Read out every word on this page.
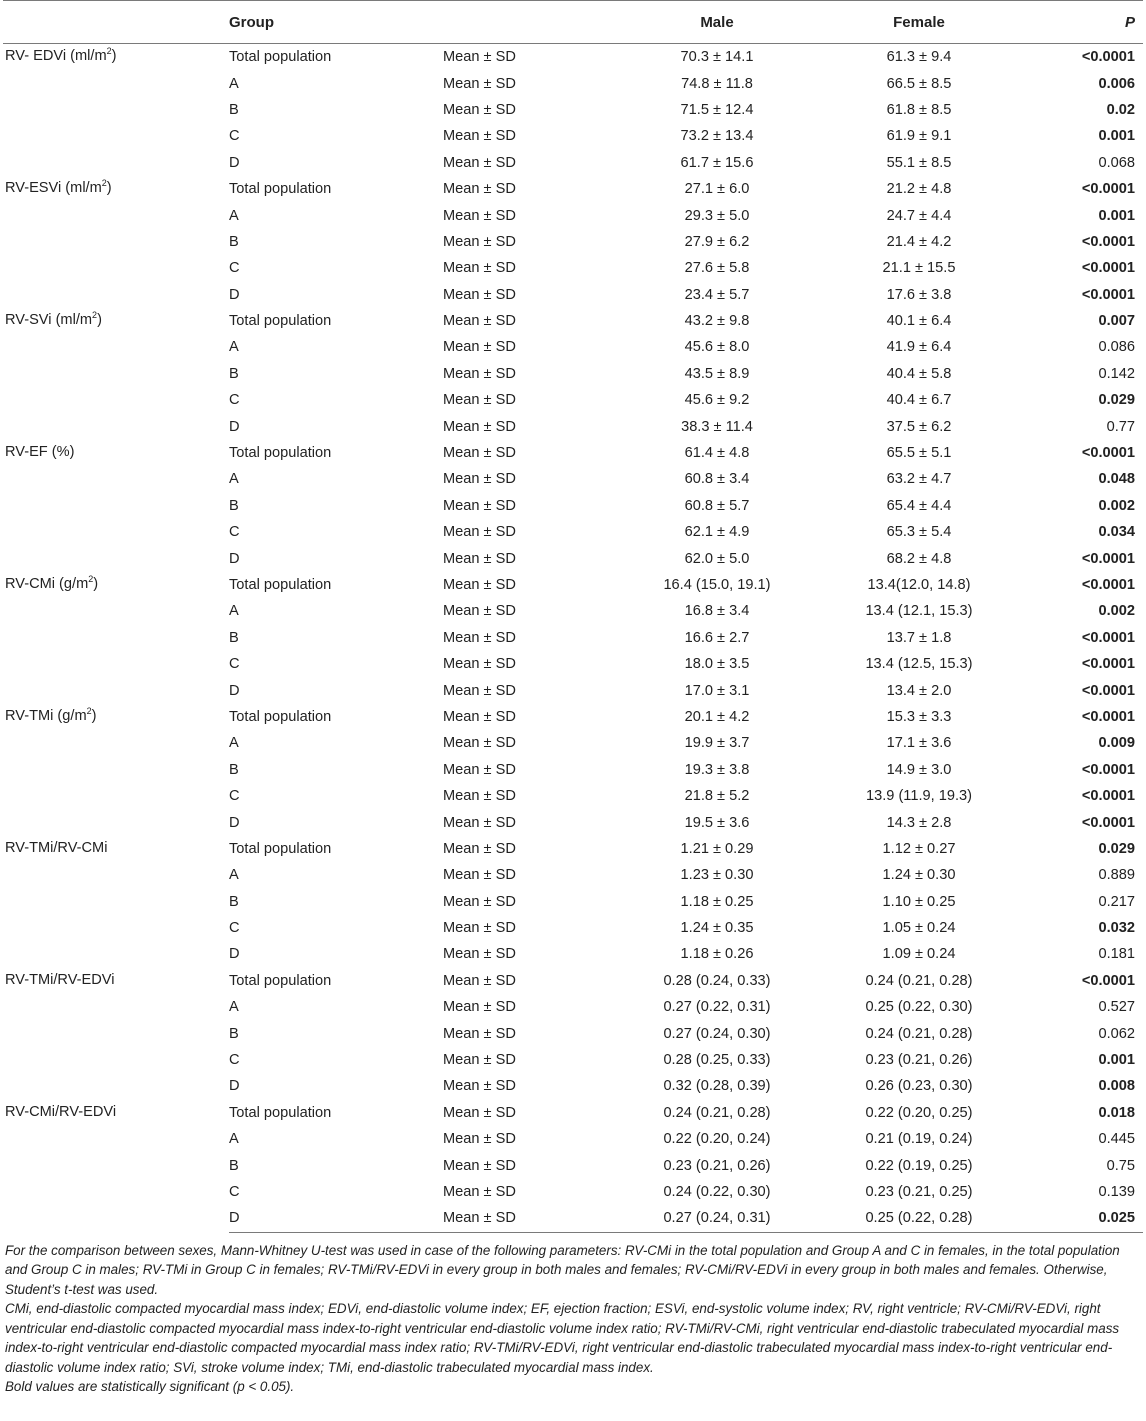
	Group		Male	Female	P
RV- EDVi $(ml/m^2)$	Total population	Mean ± SD	70.3 ± 14.1	61.3 ± 9.4	<0.0001
	A	Mean ± SD	74.8 ± 11.8	66.5 ± 8.5	0.006
	B	Mean ± SD	71.5 ± 12.4	61.8 ± 8.5	0.02
	C	Mean ± SD	73.2 ± 13.4	61.9 ± 9.1	0.001
	D	Mean ± SD	61.7 ± 15.6	55.1 ± 8.5	0.068
RV-ESVi $(ml/m^2)$	Total population	Mean ± SD	27.1 ± 6.0	21.2 ± 4.8	<0.0001
	A	Mean ± SD	29.3 ± 5.0	24.7 ± 4.4	0.001
	B	Mean ± SD	27.9 ± 6.2	21.4 ± 4.2	<0.0001
	C	Mean ± SD	27.6 ± 5.8	21.1 ± 15.5	<0.0001
	D	Mean ± SD	23.4 ± 5.7	17.6 ± 3.8	<0.0001
RV-SVi $(ml/m^2)$	Total population	Mean ± SD	43.2 ± 9.8	40.1 ± 6.4	0.007
	A	Mean ± SD	45.6 ± 8.0	41.9 ± 6.4	0.086
	B	Mean ± SD	43.5 ± 8.9	40.4 ± 5.8	0.142
	C	Mean ± SD	45.6 ± 9.2	40.4 ± 6.7	0.029
	D	Mean ± SD	38.3 ± 11.4	37.5 ± 6.2	0.77
RV-EF (%)	Total population	Mean ± SD	61.4 ± 4.8	65.5 ± 5.1	<0.0001
	A	Mean ± SD	60.8 ± 3.4	63.2 ± 4.7	0.048
	B	Mean ± SD	60.8 ± 5.7	65.4 ± 4.4	0.002
	C	Mean ± SD	62.1 ± 4.9	65.3 ± 5.4	0.034
	D	Mean ± SD	62.0 ± 5.0	68.2 ± 4.8	<0.0001
RV-CMi $(g/m^2)$	Total population	Mean ± SD	16.4 (15.0, 19.1)	13.4(12.0, 14.8)	<0.0001
	A	Mean ± SD	16.8 ± 3.4	13.4 (12.1, 15.3)	0.002
	B	Mean ± SD	16.6 ± 2.7	13.7 ± 1.8	<0.0001
	C	Mean ± SD	18.0 ± 3.5	13.4 (12.5, 15.3)	<0.0001
	D	Mean ± SD	17.0 ± 3.1	13.4 ± 2.0	<0.0001
RV-TMi $(g/m^2)$	Total population	Mean ± SD	20.1 ± 4.2	15.3 ± 3.3	<0.0001
	A	Mean ± SD	19.9 ± 3.7	17.1 ± 3.6	0.009
	B	Mean ± SD	19.3 ± 3.8	14.9 ± 3.0	<0.0001
	C	Mean ± SD	21.8 ± 5.2	13.9 (11.9, 19.3)	<0.0001
	D	Mean ± SD	19.5 ± 3.6	14.3 ± 2.8	<0.0001
RV-TMi/RV-CMi	Total population	Mean ± SD	1.21 ± 0.29	1.12 ± 0.27	0.029
	A	Mean ± SD	1.23 ± 0.30	1.24 ± 0.30	0.889
	B	Mean ± SD	1.18 ± 0.25	1.10 ± 0.25	0.217
	C	Mean ± SD	1.24 ± 0.35	1.05 ± 0.24	0.032
	D	Mean ± SD	1.18 ± 0.26	1.09 ± 0.24	0.181
RV-TMi/RV-EDVi	Total population	Mean ± SD	0.28 (0.24, 0.33)	0.24 (0.21, 0.28)	<0.0001
	A	Mean ± SD	0.27 (0.22, 0.31)	0.25 (0.22, 0.30)	0.527
	B	Mean ± SD	0.27 (0.24, 0.30)	0.24 (0.21, 0.28)	0.062
	C	Mean ± SD	0.28 (0.25, 0.33)	0.23 (0.21, 0.26)	0.001
	D	Mean ± SD	0.32 (0.28, 0.39)	0.26 (0.23, 0.30)	0.008
RV-CMi/RV-EDVi	Total population	Mean ± SD	0.24 (0.21, 0.28)	0.22 (0.20, 0.25)	0.018
	A	Mean ± SD	0.22 (0.20, 0.24)	0.21 (0.19, 0.24)	0.445
	B	Mean ± SD	0.23 (0.21, 0.26)	0.22 (0.19, 0.25)	0.75
	C	Mean ± SD	0.24 (0.22, 0.30)	0.23 (0.21, 0.25)	0.139
	D	Mean ± SD	0.27 (0.24, 0.31)	0.25 (0.22, 0.28)	0.025

For the comparison between sexes, Mann-Whitney U-test was used in case of the following parameters: RV-CMi in the total population and Group A and C in females, in the total population and Group C in males; RV-TMi in Group C in females; RV-TMi/RV-EDVi in every group in both males and females; RV-CMi/RV-EDVi in every group in both males and females. Otherwise, Student’s t-test was used.

CMi, end-diastolic compacted myocardial mass index; EDVi, end-diastolic volume index; EF, ejection fraction; ESVi, end-systolic volume index; RV, right ventricle; RV-CMi/RV-EDVi, right ventricular end-diastolic compacted myocardial mass index-to-right ventricular end-diastolic volume index ratio; RV-TMi/RV-CMi, right ventricular end-diastolic trabeculated myocardial mass index-to-right ventricular end-diastolic compacted myocardial mass index ratio; RV-TMi/RV-EDVi, right ventricular end-diastolic trabeculated myocardial mass index-to-right ventricular end-diastolic volume index ratio; SVi, stroke volume index; TMi, end-diastolic trabeculated myocardial mass index.

Bold values are statistically significant (p < 0.05).
